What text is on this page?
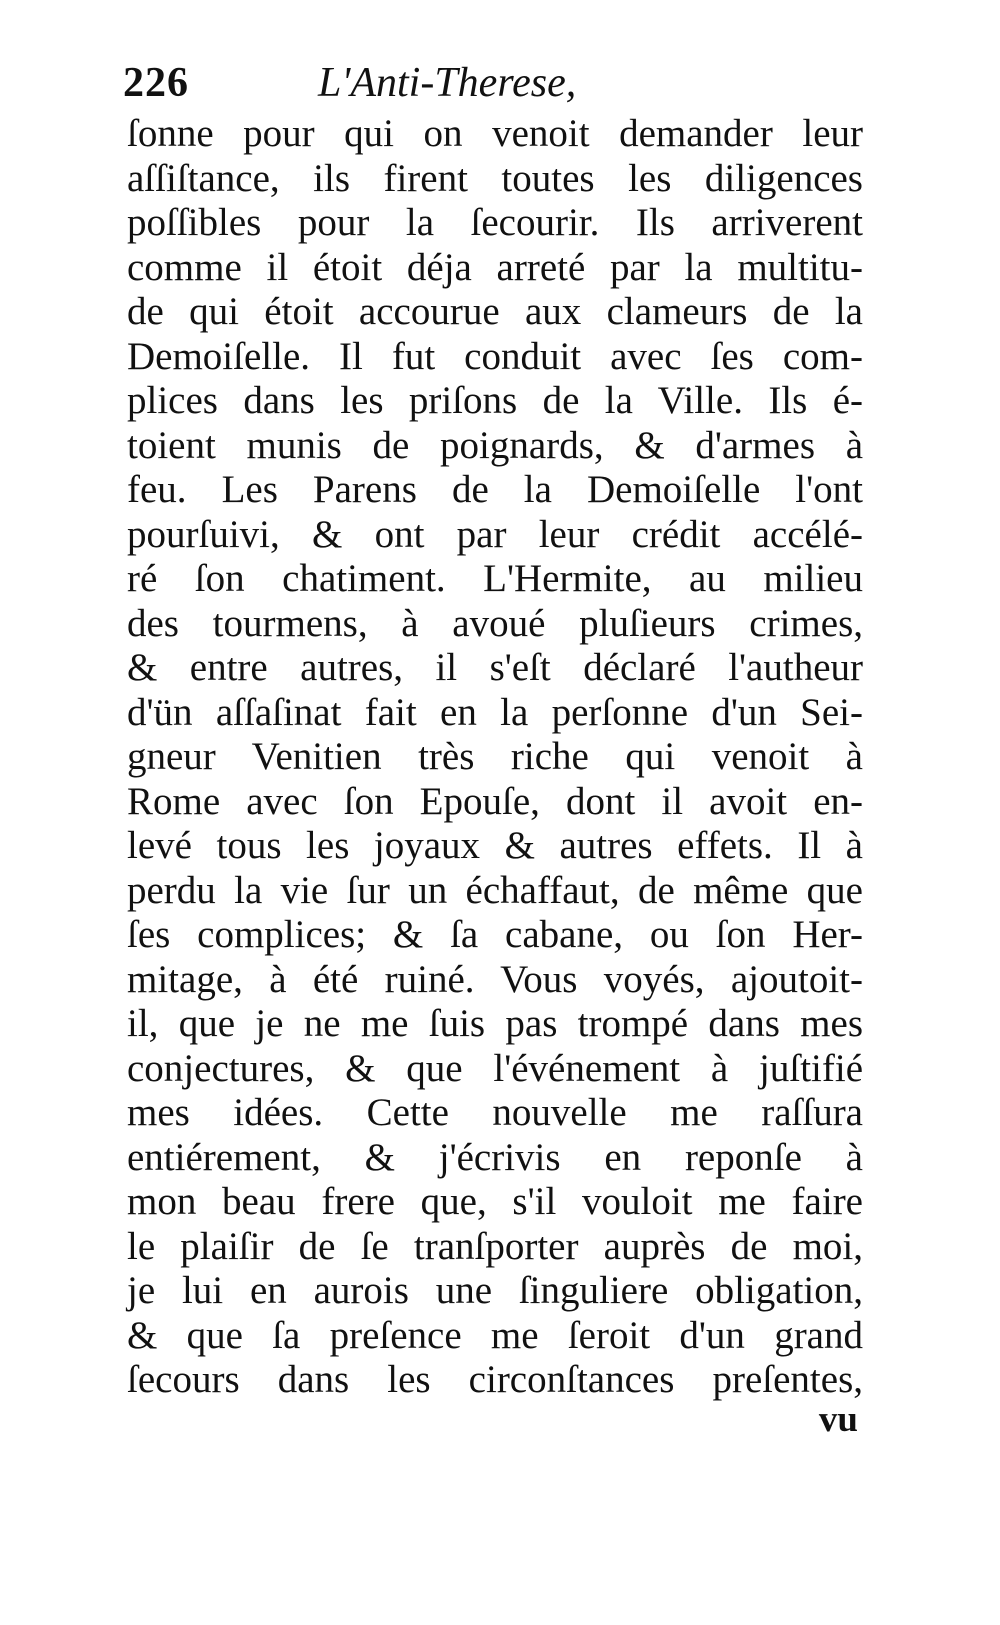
226	L'Anti-Therese,
ſonne pour qui on venoit demander leur
aſſiſtance, ils firent toutes les diligences
poſſibles pour la ſecourir. Ils arriverent
comme il étoit déja arreté par la multitu-
de qui étoit accourue aux clameurs de la
Demoiſelle. Il fut conduit avec ſes com-
plices dans les priſons de la Ville. Ils é-
toient munis de poignards, & d'armes à
feu. Les Parens de la Demoiſelle l'ont
pourſuivi, & ont par leur crédit accélé-
ré ſon chatiment. L'Hermite, au milieu
des tourmens, à avoué pluſieurs crimes,
& entre autres, il s'eſt déclaré l'autheur
d'ün aſſaſinat fait en la perſonne d'un Sei-
gneur Venitien très riche qui venoit à
Rome avec ſon Epouſe, dont il avoit en-
levé tous les joyaux & autres effets. Il à
perdu la vie ſur un échaffaut, de même que
ſes complices; & ſa cabane, ou ſon Her-
mitage, à été ruiné. Vous voyés, ajoutoit-
il, que je ne me ſuis pas trompé dans mes
conjectures, & que l'événement à juſtifié
mes idées. Cette nouvelle me raſſura
entiérement, & j'écrivis en reponſe à
mon beau frere que, s'il vouloit me faire
le plaiſir de ſe tranſporter auprès de moi,
je lui en aurois une ſinguliere obligation,
& que ſa preſence me ſeroit d'un grand
ſecours dans les circonſtances preſentes,
vu
